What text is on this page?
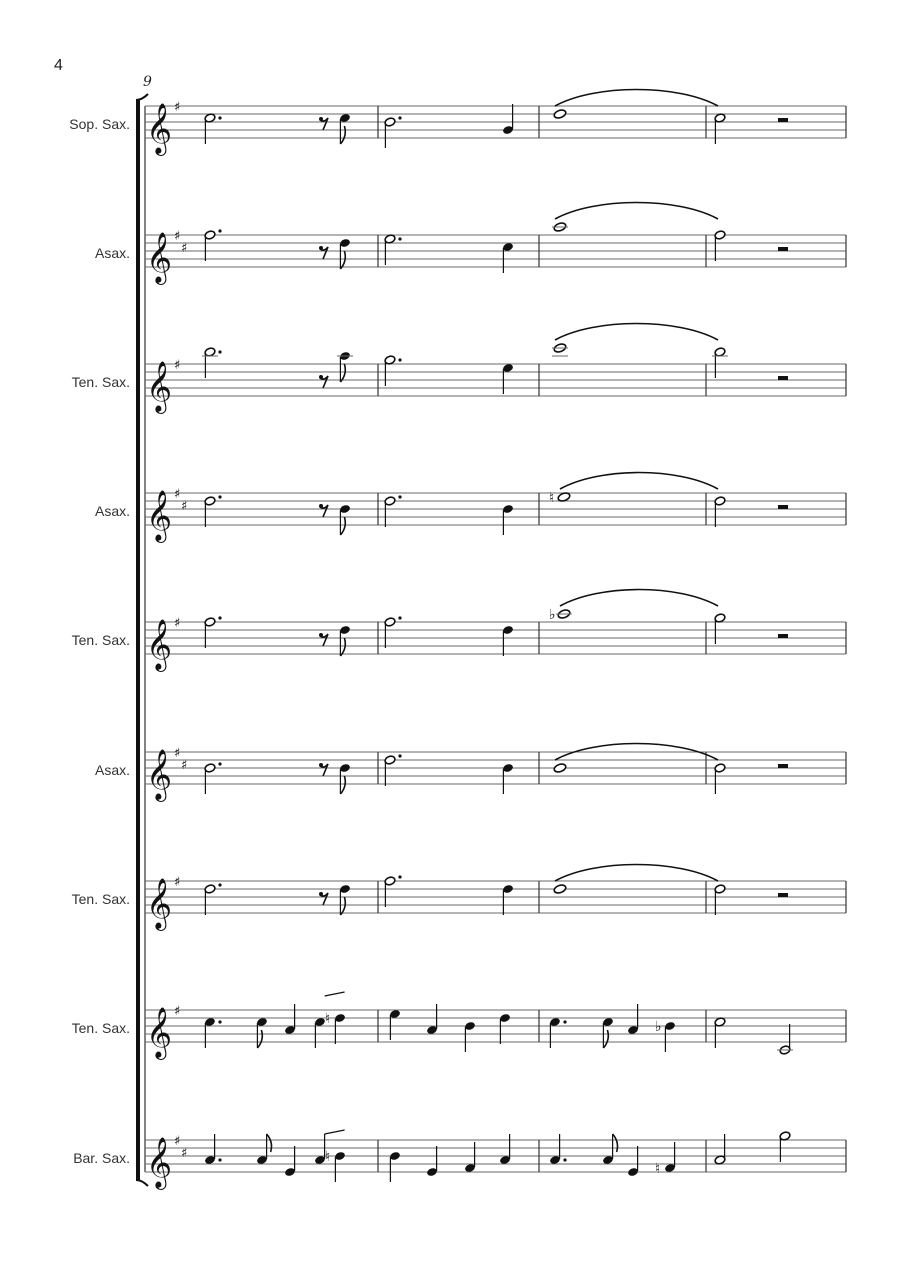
4
9
Sop. Sax.
Asax.
Ten. Sax.
Asax.
Ten. Sax.
Asax.
Ten. Sax.
Ten. Sax.
Bar. Sax.
𝄞 ♯
𝄞 ♯
♯
𝄞 ♯
𝄞 ♯
♯
♮
𝄞 ♯
♭
𝄞 ♯
♯
𝄞 ♯
𝄞 ♯	♮	♭
𝄞 ♯
♯	♮
♮
